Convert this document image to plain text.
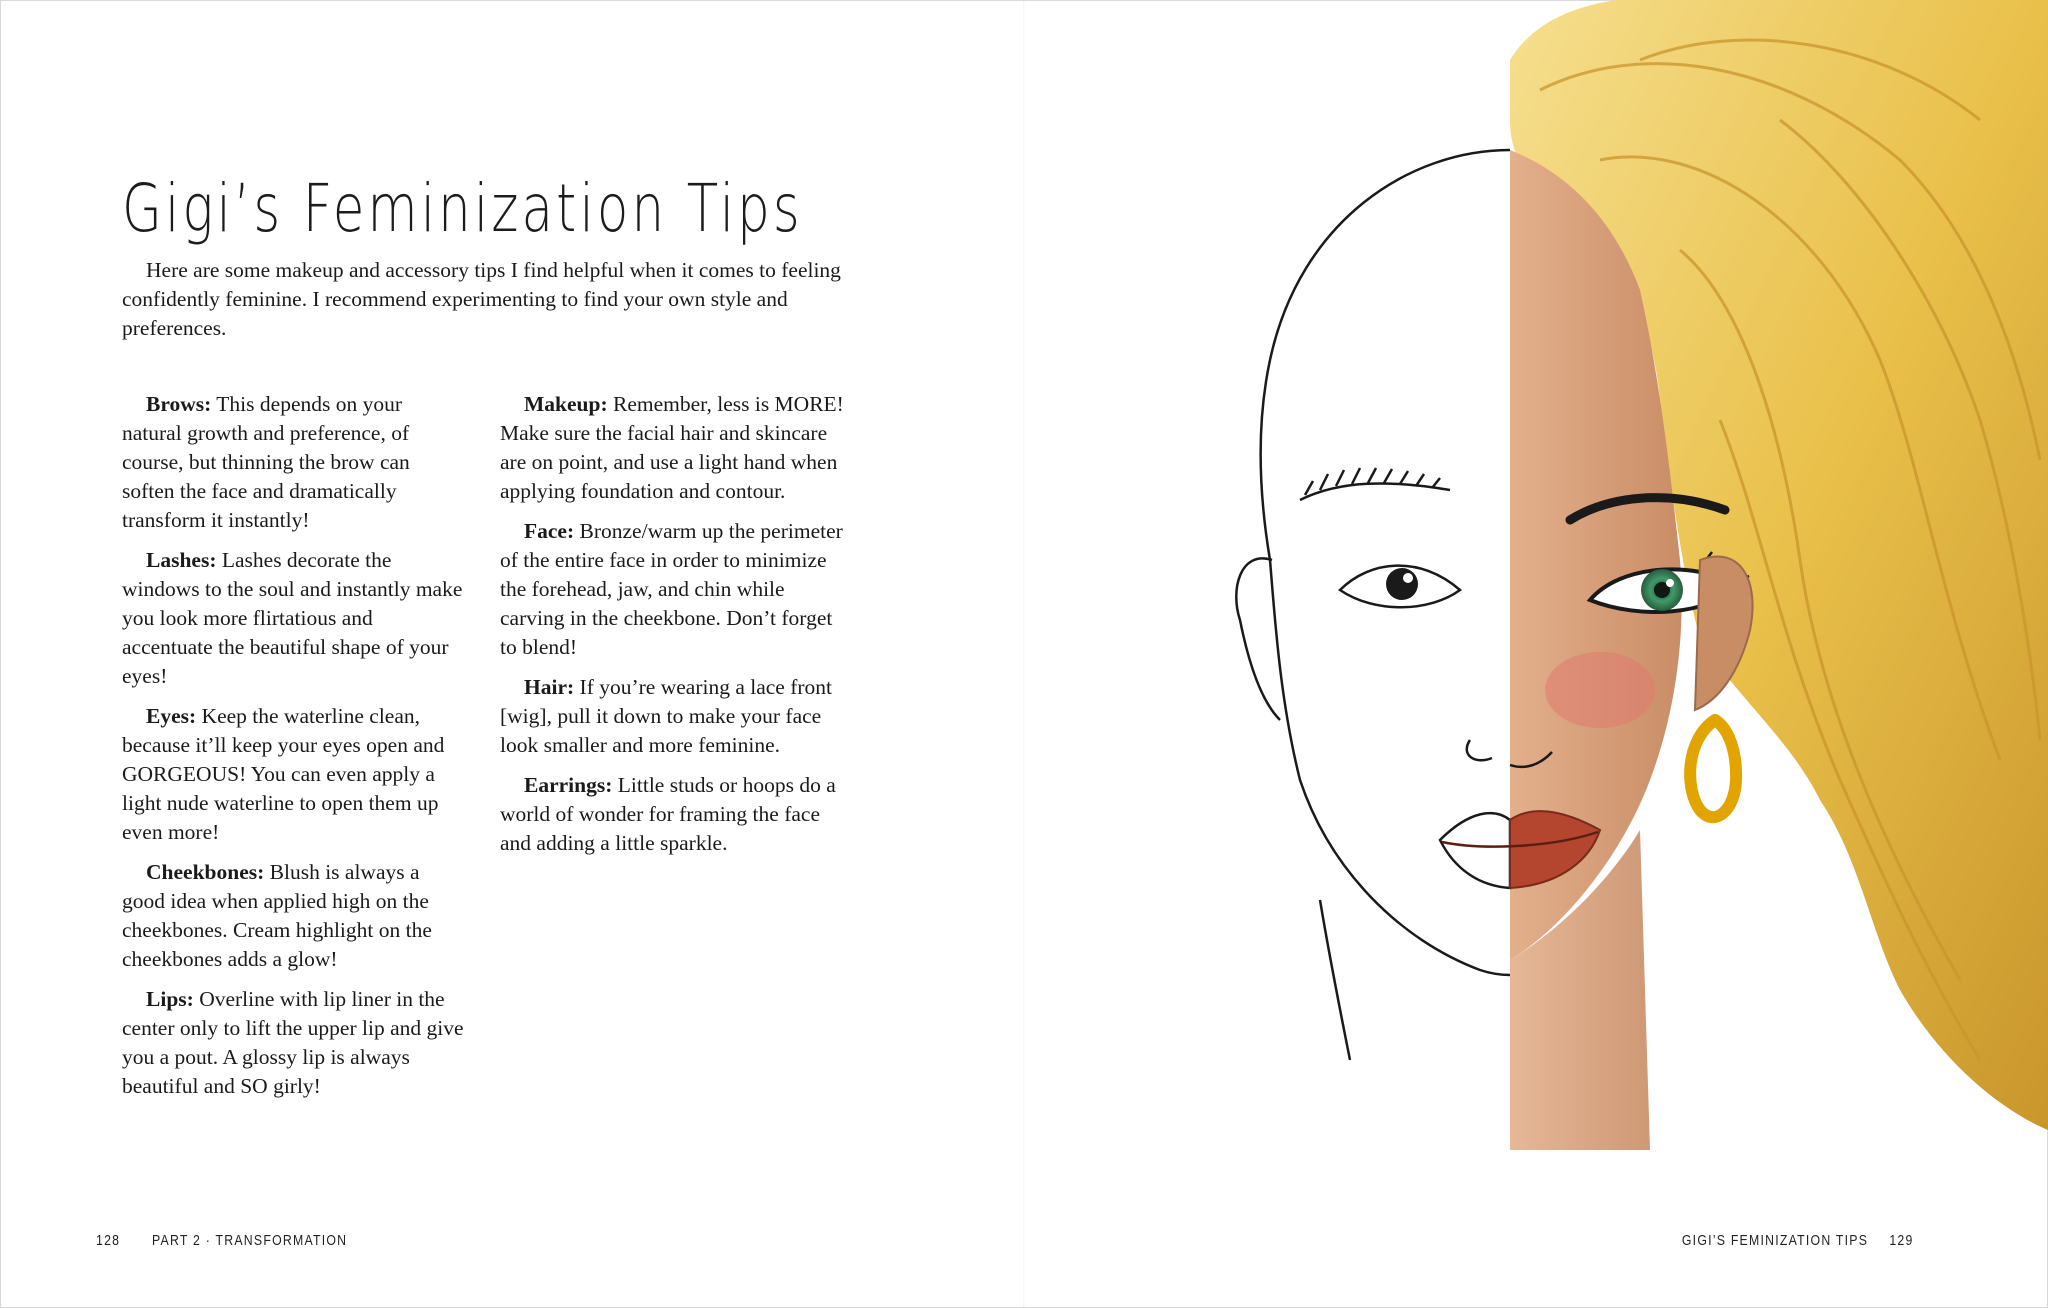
Gigi’s Feminization Tips

Here are some makeup and accessory tips I find helpful when it comes to feeling confidently feminine. I recommend experimenting to find your own style and preferences.

Brows: This depends on your natural growth and preference, of course, but thinning the brow can soften the face and dramatically transform it instantly!

Lashes: Lashes decorate the windows to the soul and instantly make you look more flirtatious and accentuate the beautiful shape of your eyes!

Eyes: Keep the waterline clean, because it’ll keep your eyes open and GORGEOUS! You can even apply a light nude waterline to open them up even more!

Cheekbones: Blush is always a good idea when applied high on the cheekbones. Cream highlight on the cheekbones adds a glow!

Lips: Overline with lip liner in the center only to lift the upper lip and give you a pout. A glossy lip is always beautiful and SO girly!

Makeup: Remember, less is MORE! Make sure the facial hair and skincare are on point, and use a light hand when applying foundation and contour.

Face: Bronze/warm up the perimeter of the entire face in order to minimize the forehead, jaw, and chin while carving in the cheekbone. Don’t forget to blend!

Hair: If you’re wearing a lace front [wig], pull it down to make your face look smaller and more feminine.

Earrings: Little studs or hoops do a world of wonder for framing the face and adding a little sparkle.

128 PART 2 · TRANSFORMATION	GIGI’S FEMINIZATION TIPS 129
